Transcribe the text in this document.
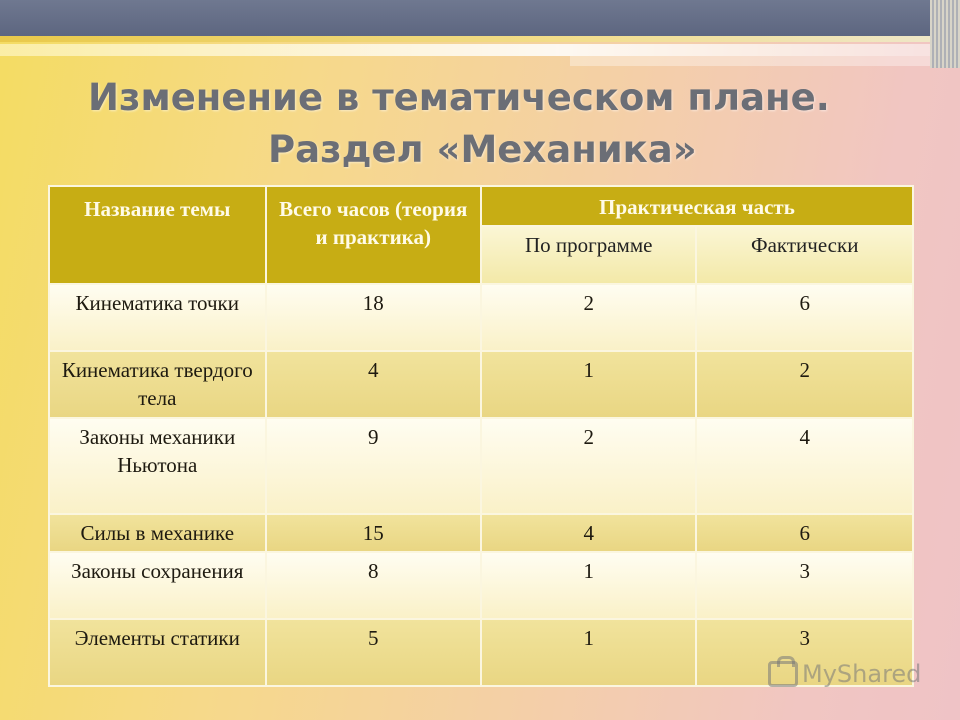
Изменение в тематическом плане.
Раздел «Механика»
Название темы	Всего часов (теория и практика)	Практическая часть	
		По программе	Фактически
Кинематика точки	18	2	6
Кинематика твердого тела	4	1	2
Законы механики Ньютона	9	2	4
Силы в механике	15	4	6
Законы сохранения	8	1	3
Элементы статики	5	1	3
MyShared
